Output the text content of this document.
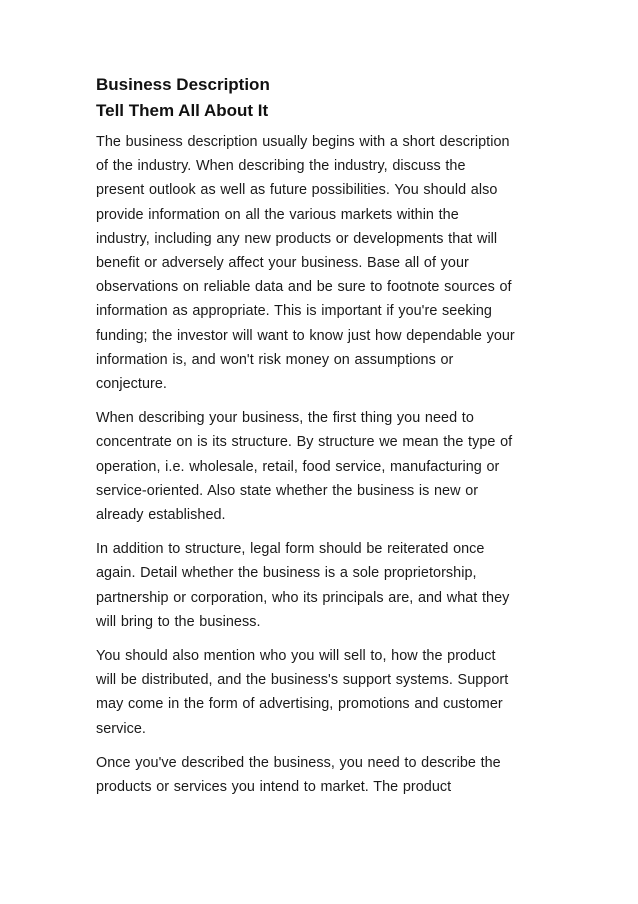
Business Description
Tell Them All About It

The business description usually begins with a short description
of the industry. When describing the industry, discuss the
present outlook as well as future possibilities. You should also
provide information on all the various markets within the
industry, including any new products or developments that will
benefit or adversely affect your business. Base all of your
observations on reliable data and be sure to footnote sources of
information as appropriate. This is important if you're seeking
funding; the investor will want to know just how dependable your
information is, and won't risk money on assumptions or
conjecture.

When describing your business, the first thing you need to
concentrate on is its structure. By structure we mean the type of
operation, i.e. wholesale, retail, food service, manufacturing or
service-oriented. Also state whether the business is new or
already established.

In addition to structure, legal form should be reiterated once
again. Detail whether the business is a sole proprietorship,
partnership or corporation, who its principals are, and what they
will bring to the business.

You should also mention who you will sell to, how the product
will be distributed, and the business's support systems. Support
may come in the form of advertising, promotions and customer
service.

Once you've described the business, you need to describe the
products or services you intend to market. The product
